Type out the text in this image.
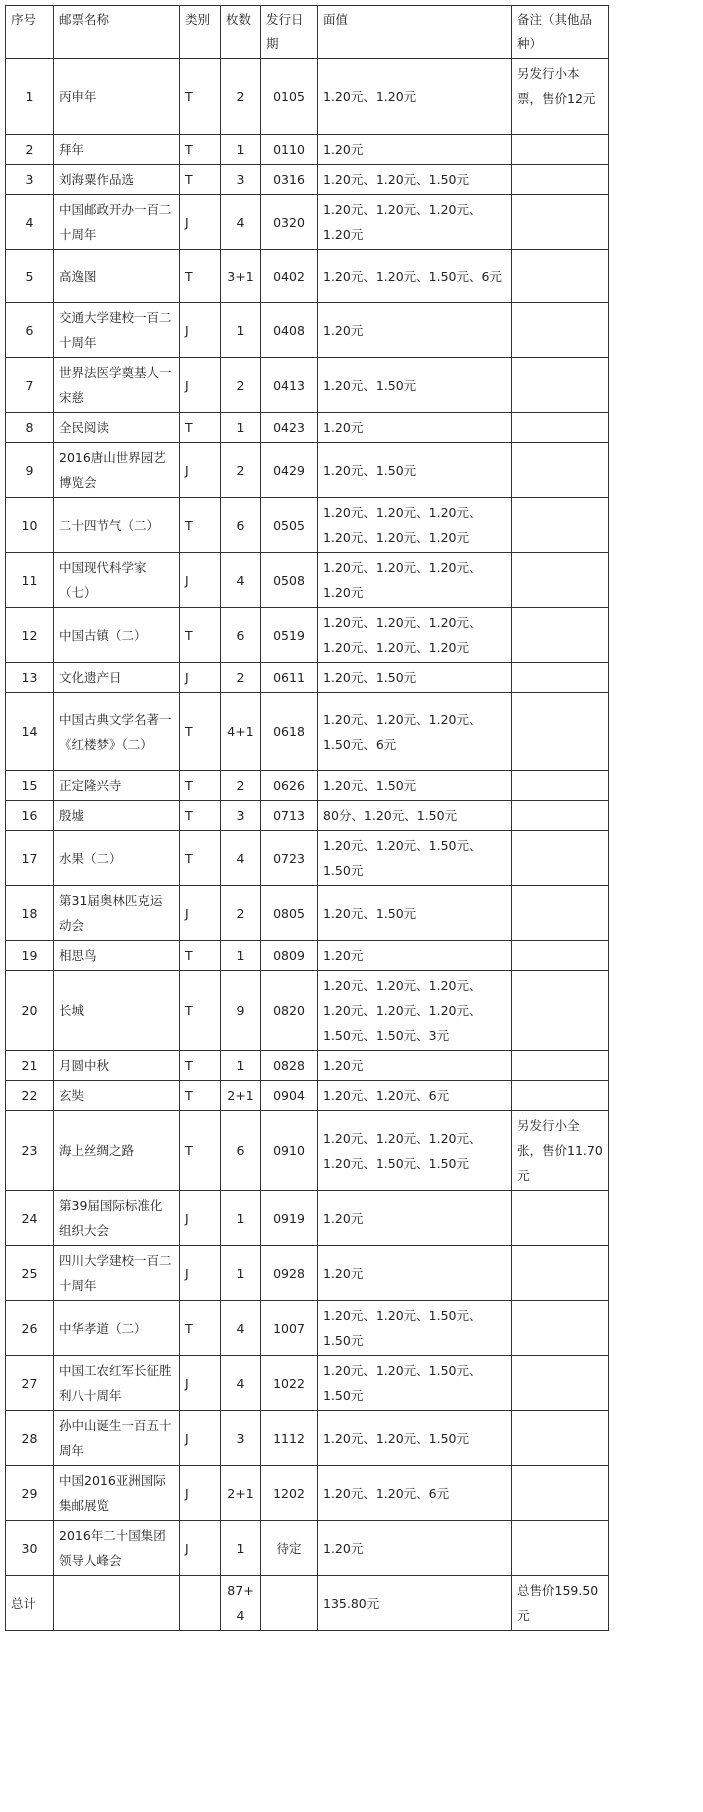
序号	邮票名称	类别	枚数	发行日期	面值	备注（其他品种）
1	丙申年	T	2	0105	1.20元、1.20元	另发行小本票，售价12元
2	拜年	T	1	0110	1.20元	
3	刘海粟作品选	T	3	0316	1.20元、1.20元、1.50元	
4	中国邮政开办一百二十周年	J	4	0320	1.20元、1.20元、1.20元、1.20元	
5	高逸图	T	3+1	0402	1.20元、1.20元、1.50元、6元	
6	交通大学建校一百二十周年	J	1	0408	1.20元	
7	世界法医学奠基人一宋慈	J	2	0413	1.20元、1.50元	
8	全民阅读	T	1	0423	1.20元	
9	2016唐山世界园艺博览会	J	2	0429	1.20元、1.50元	
10	二十四节气（二）	T	6	0505	1.20元、1.20元、1.20元、1.20元、1.20元、1.20元	
11	中国现代科学家（七）	J	4	0508	1.20元、1.20元、1.20元、1.20元	
12	中国古镇（二）	T	6	0519	1.20元、1.20元、1.20元、1.20元、1.20元、1.20元	
13	文化遗产日	J	2	0611	1.20元、1.50元	
14	中国古典文学名著一《红楼梦》（二）	T	4+1	0618	1.20元、1.20元、1.20元、1.50元、6元	
15	正定隆兴寺	T	2	0626	1.20元、1.50元	
16	殷墟	T	3	0713	80分、1.20元、1.50元	
17	水果（二）	T	4	0723	1.20元、1.20元、1.50元、1.50元	
18	第31届奥林匹克运动会	J	2	0805	1.20元、1.50元	
19	相思鸟	T	1	0809	1.20元	
20	长城	T	9	0820	1.20元、1.20元、1.20元、1.20元、1.20元、1.20元、1.50元、1.50元、3元	
21	月圆中秋	T	1	0828	1.20元	
22	玄奘	T	2+1	0904	1.20元、1.20元、6元	
23	海上丝绸之路	T	6	0910	1.20元、1.20元、1.20元、1.20元、1.50元、1.50元	另发行小全张，售价11.70元
24	第39届国际标准化组织大会	J	1	0919	1.20元	
25	四川大学建校一百二十周年	J	1	0928	1.20元	
26	中华孝道（二）	T	4	1007	1.20元、1.20元、1.50元、1.50元	
27	中国工农红军长征胜利八十周年	J	4	1022	1.20元、1.20元、1.50元、1.50元	
28	孙中山诞生一百五十周年	J	3	1112	1.20元、1.20元、1.50元	
29	中国2016亚洲国际集邮展览	J	2+1	1202	1.20元、1.20元、6元	
30	2016年二十国集团领导人峰会	J	1	待定	1.20元	
总计			87+4		135.80元	总售价159.50元
